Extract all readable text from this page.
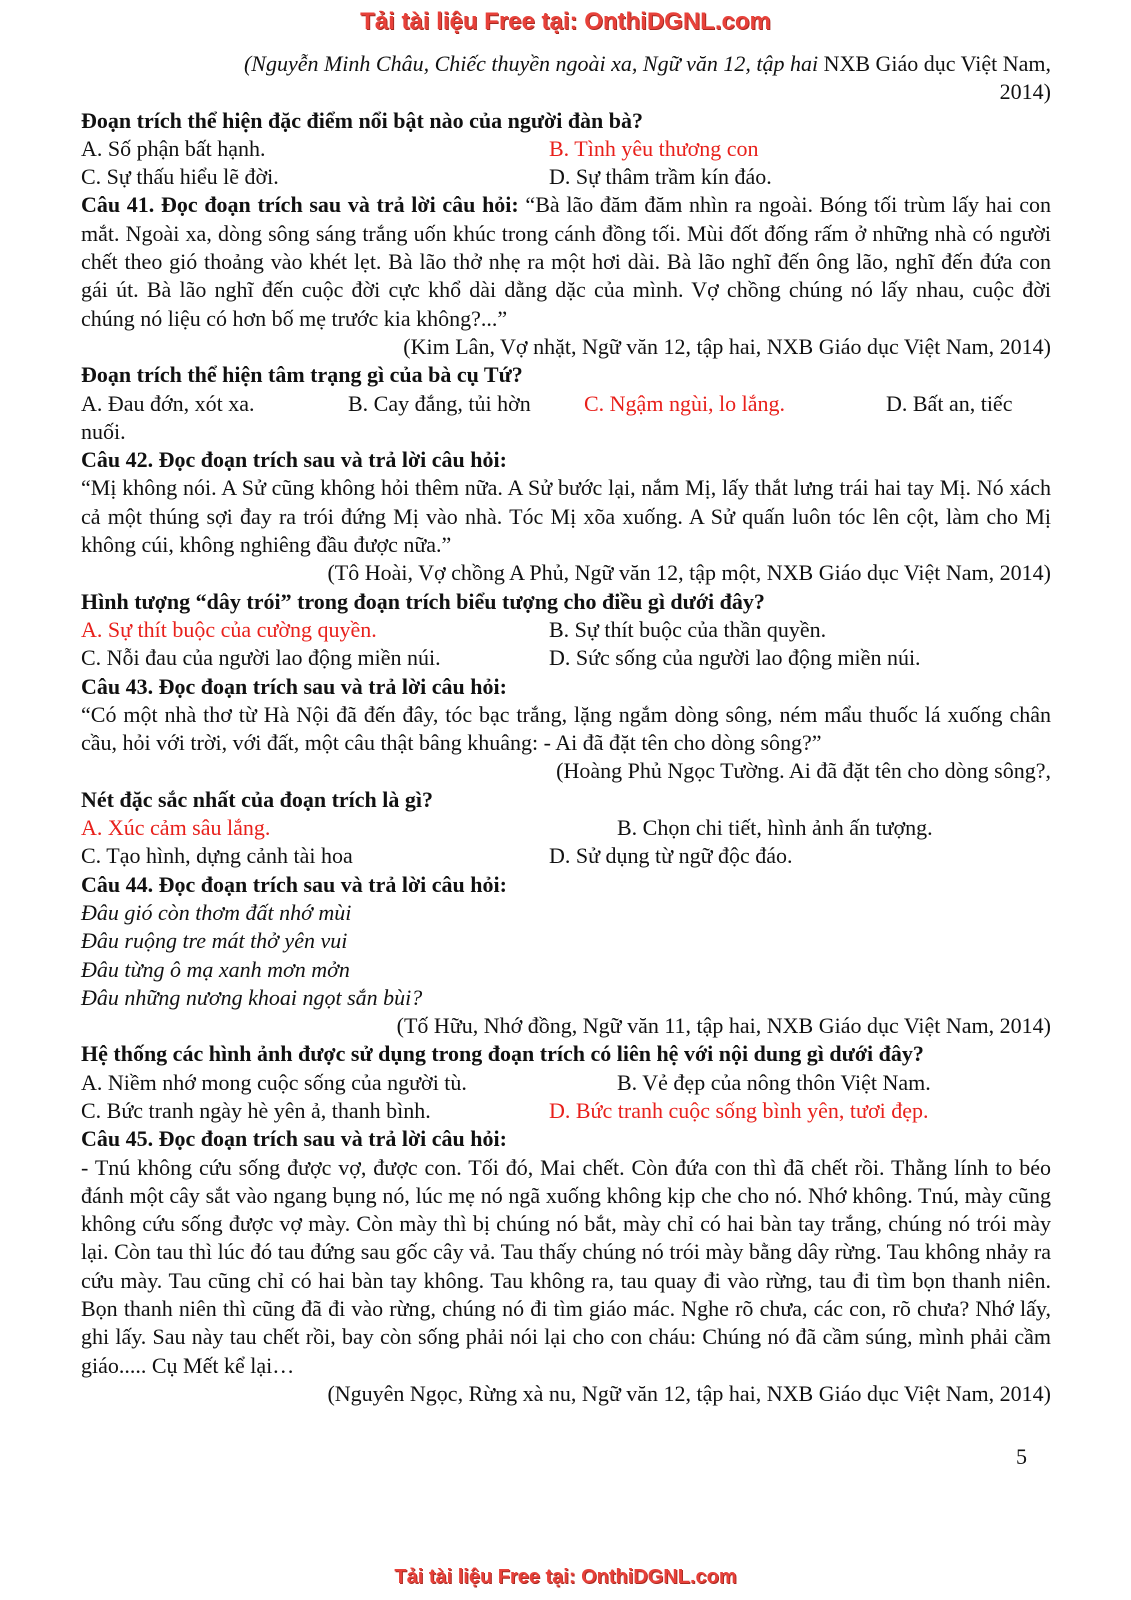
Tải tài liệu Free tại: OnthiDGNL.com
(Nguyễn Minh Châu, Chiếc thuyền ngoài xa, Ngữ văn 12, tập hai NXB Giáo dục Việt Nam,
2014)
Đoạn trích thể hiện đặc điểm nổi bật nào của người đàn bà?
A. Số phận bất hạnh.	B. Tình yêu thương con
C. Sự thấu hiểu lẽ đời.	D. Sự thâm trầm kín đáo.
Câu 41. Đọc đoạn trích sau và trả lời câu hỏi: “Bà lão đăm đăm nhìn ra ngoài. Bóng tối trùm lấy hai con mắt. Ngoài xa, dòng sông sáng trắng uốn khúc trong cánh đồng tối. Mùi đốt đống rấm ở những nhà có người chết theo gió thoảng vào khét lẹt. Bà lão thở nhẹ ra một hơi dài. Bà lão nghĩ đến ông lão, nghĩ đến đứa con gái út. Bà lão nghĩ đến cuộc đời cực khổ dài dằng dặc của mình. Vợ chồng chúng nó lấy nhau, cuộc đời chúng nó liệu có hơn bố mẹ trước kia không?...”
(Kim Lân, Vợ nhặt, Ngữ văn 12, tập hai, NXB Giáo dục Việt Nam, 2014)
Đoạn trích thể hiện tâm trạng gì của bà cụ Tứ?
A. Đau đớn, xót xa.	B. Cay đắng, tủi hờn C. Ngậm ngùi, lo lắng.	D. Bất an, tiếc
nuối.
Câu 42. Đọc đoạn trích sau và trả lời câu hỏi:
“Mị không nói. A Sử cũng không hỏi thêm nữa. A Sử bước lại, nắm Mị, lấy thắt lưng trái hai tay Mị. Nó xách cả một thúng sợi đay ra trói đứng Mị vào nhà. Tóc Mị xõa xuống. A Sử quấn luôn tóc lên cột, làm cho Mị không cúi, không nghiêng đầu được nữa.”
(Tô Hoài, Vợ chồng A Phủ, Ngữ văn 12, tập một, NXB Giáo dục Việt Nam, 2014)
Hình tượng “dây trói” trong đoạn trích biểu tượng cho điều gì dưới đây?
A. Sự thít buộc của cường quyền.	B. Sự thít buộc của thần quyền.
C. Nỗi đau của người lao động miền núi.	D. Sức sống của người lao động miền núi.
Câu 43. Đọc đoạn trích sau và trả lời câu hỏi:
“Có một nhà thơ từ Hà Nội đã đến đây, tóc bạc trắng, lặng ngắm dòng sông, ném mẩu thuốc lá xuống chân cầu, hỏi với trời, với đất, một câu thật bâng khuâng: - Ai đã đặt tên cho dòng sông?”
(Hoàng Phủ Ngọc Tường. Ai đã đặt tên cho dòng sông?,
Nét đặc sắc nhất của đoạn trích là gì?
A. Xúc cảm sâu lắng.	B. Chọn chi tiết, hình ảnh ấn tượng.
C. Tạo hình, dựng cảnh tài hoa	D. Sử dụng từ ngữ độc đáo.
Câu 44. Đọc đoạn trích sau và trả lời câu hỏi:
Đâu gió còn thơm đất nhớ mùi
Đâu ruộng tre mát thở yên vui
Đâu từng ô mạ xanh mơn mởn
Đâu những nương khoai ngọt sắn bùi?
(Tố Hữu, Nhớ đồng, Ngữ văn 11, tập hai, NXB Giáo dục Việt Nam, 2014)
Hệ thống các hình ảnh được sử dụng trong đoạn trích có liên hệ với nội dung gì dưới đây?
A. Niềm nhớ mong cuộc sống của người tù.	B. Vẻ đẹp của nông thôn Việt Nam.
C. Bức tranh ngày hè yên ả, thanh bình.	D. Bức tranh cuộc sống bình yên, tươi đẹp.
Câu 45. Đọc đoạn trích sau và trả lời câu hỏi:
- Tnú không cứu sống được vợ, được con. Tối đó, Mai chết. Còn đứa con thì đã chết rồi. Thằng lính to béo đánh một cây sắt vào ngang bụng nó, lúc mẹ nó ngã xuống không kịp che cho nó. Nhớ không. Tnú, mày cũng không cứu sống được vợ mày. Còn mày thì bị chúng nó bắt, mày chỉ có hai bàn tay trắng, chúng nó trói mày lại. Còn tau thì lúc đó tau đứng sau gốc cây vả. Tau thấy chúng nó trói mày bằng dây rừng. Tau không nhảy ra cứu mày. Tau cũng chỉ có hai bàn tay không. Tau không ra, tau quay đi vào rừng, tau đi tìm bọn thanh niên. Bọn thanh niên thì cũng đã đi vào rừng, chúng nó đi tìm giáo mác. Nghe rõ chưa, các con, rõ chưa? Nhớ lấy, ghi lấy. Sau này tau chết rồi, bay còn sống phải nói lại cho con cháu: Chúng nó đã cầm súng, mình phải cầm giáo..... Cụ Mết kể lại…
(Nguyên Ngọc, Rừng xà nu, Ngữ văn 12, tập hai, NXB Giáo dục Việt Nam, 2014)
5
Tải tài liệu Free tại: OnthiDGNL.com
